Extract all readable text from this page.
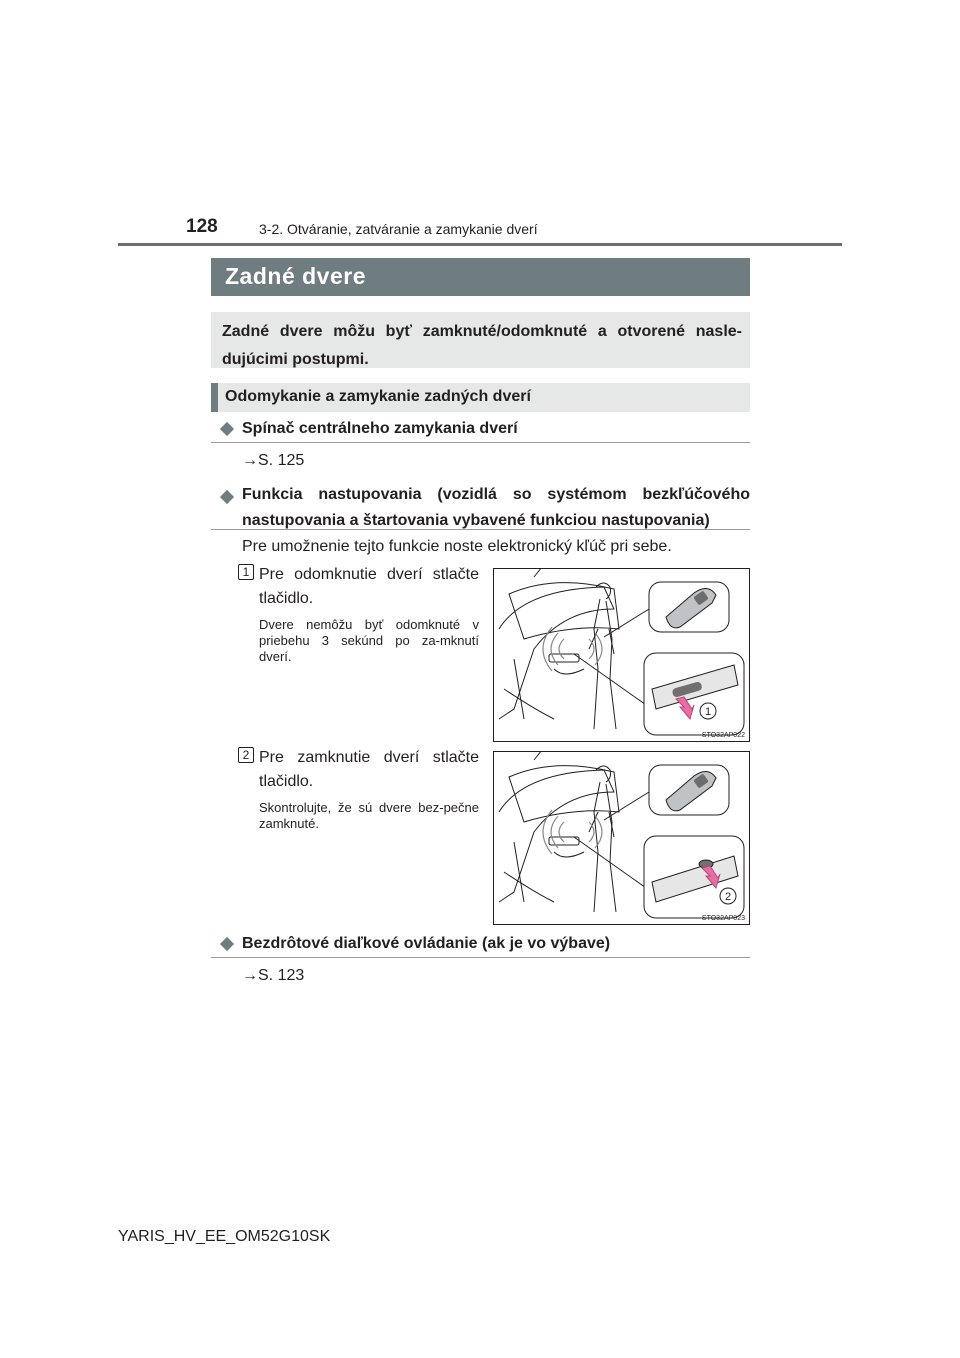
128	3-2. Otváranie, zatváranie a zamykanie dverí
Zadné dvere

Zadné dvere môžu byť zamknuté/odomknuté a otvorené nasle-dujúcimi postupmi.

Odomykanie a zamykanie zadných dverí
Spínač centrálneho zamykania dverí
→S. 125
Funkcia nastupovania (vozidlá so systémom bezkľúčového nastupovania a štartovania vybavené funkciou nastupovania)
Pre umožnenie tejto funkcie noste elektronický kľúč pri sebe.
1 Pre odomknutie dverí stlačte tlačidlo.
Dvere nemôžu byť odomknuté v priebehu 3 sekúnd po za-mknutí dverí.
1
STO32AP022
2 Pre zamknutie dverí stlačte tlačidlo.
Skontrolujte, že sú dvere bez-pečne zamknuté.
2
STO32AP023
Bezdrôtové diaľkové ovládanie (ak je vo výbave)
→S. 123
YARIS_HV_EE_OM52G10SK
